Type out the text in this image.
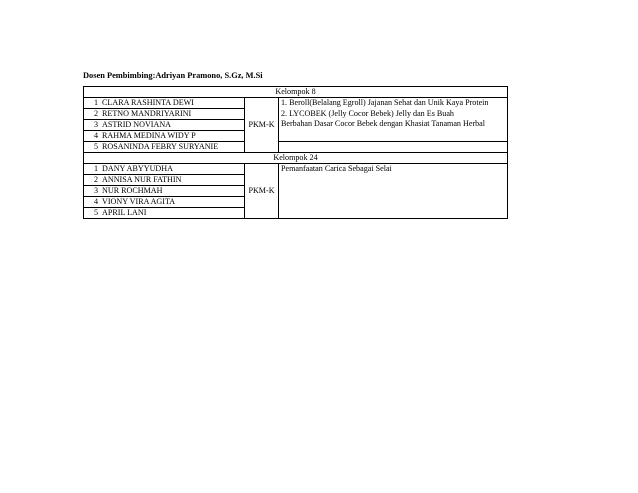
Dosen Pembimbing:Adriyan Pramono, S.Gz, M.Si
Kelompok 8			
1	CLARA RASHINTA DEWI	PKM-K	1. Beroll(Belalang Egroll) Jajanan Sehat dan Unik Kaya Protein
2. LYCOBEK (Jelly Cocor Bebek) Jelly dan Es Buah
Berbahan Dasar Cocor Bebek dengan Khasiat Tanaman Herbal

2	RETNO MANDRIYARINI		
3	ASTRID NOVIANA		
4	RAHMA MEDINA WIDY P		
5	ROSANINDA FEBRY SURYANIE		
Kelompok 24			
1	DANY ABYYUDHA	PKM-K	Pemanfaatan Carica Sebagai Selai

2	ANNISA NUR FATHIN		
3	NUR ROCHMAH		
4	VIONY VIRA AGITA		
5	APRIL LANI		
